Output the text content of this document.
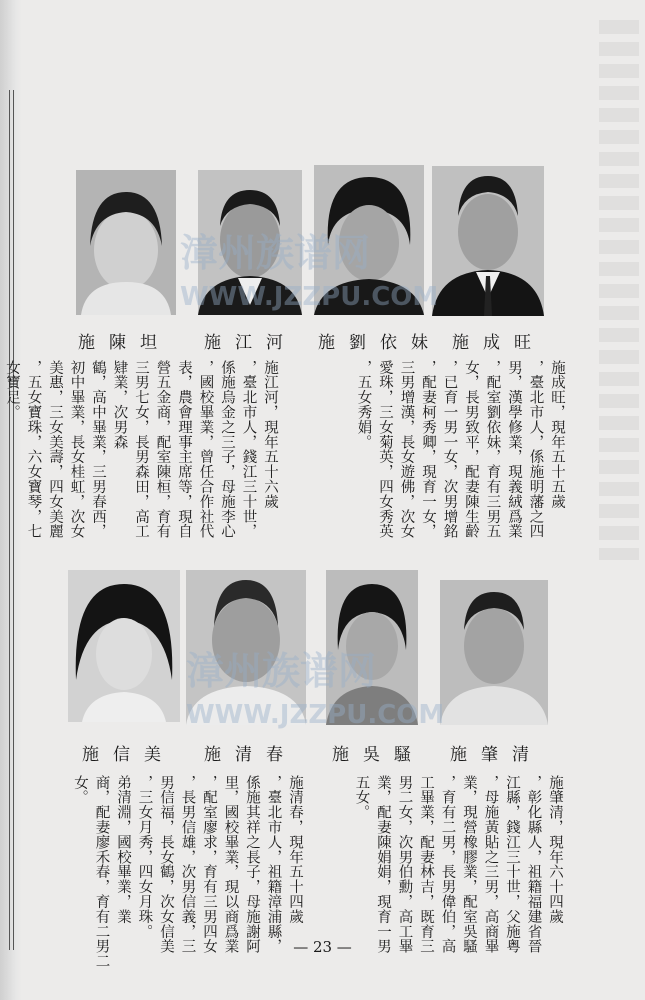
漳州族谱网
WWW.JZZPU.COM
施成旺
施劉依妹
施江河
施陳坦
施成旺，現年五十五歲
，臺北市人，係施明藩之四
男，漢學修業，現義絨爲業
，配室劉依妹，育有三男五
女，長男致平，配妻陳生齡
，已育一男一女，次男增銘
，配妻柯秀卿，現育一女，
三男增漢，長女遊佛，次女
愛珠，三女菊英，四女秀英
，五女秀娟。
施江河，現年五十六歲
，臺北市人，錢江三十世，
係施烏金之三子，母施李心
，國校畢業，曾任合作社代
表，農會理事主席等，現自
營五金商，配室陳桓，育有
三男七女，長男森田，高工
肄業，次男森
鶴，高中畢業，三男春西，
初中畢業，長女桂虹，次女
美惠，三女美壽，四女美麗
，五女寶珠，六女寶琴，七
女寶足。
漳州族谱网
WWW.JZZPU.COM
施肇清
施吳騷
施清春
施信美
施肇清，現年六十四歲
，彰化縣人，祖籍福建省晉
江縣，錢江三十世，父施粤
，母施黃貼之三男，高商畢
業，現營橡膠業，配室吳騷
，育有二男，長男偉伯，高
工畢業，配妻林吉，既育三
男二女，次男伯勳，高工畢
業，配妻陳娟娟，現育一男
五女。
施清春，現年五十四歲
，臺北市人，祖籍漳浦縣，
係施其祥之長子，母施謝阿
里，國校畢業，現以商爲業
，配室廖求，育有三男四女
，長男信雄，次男信義，三
男信福，長女鶴，次女信美
，三女月秀，四女月珠。
弟清淵，國校畢業，業
商，配妻廖禾春，育有二男二
女。
— 23 —
